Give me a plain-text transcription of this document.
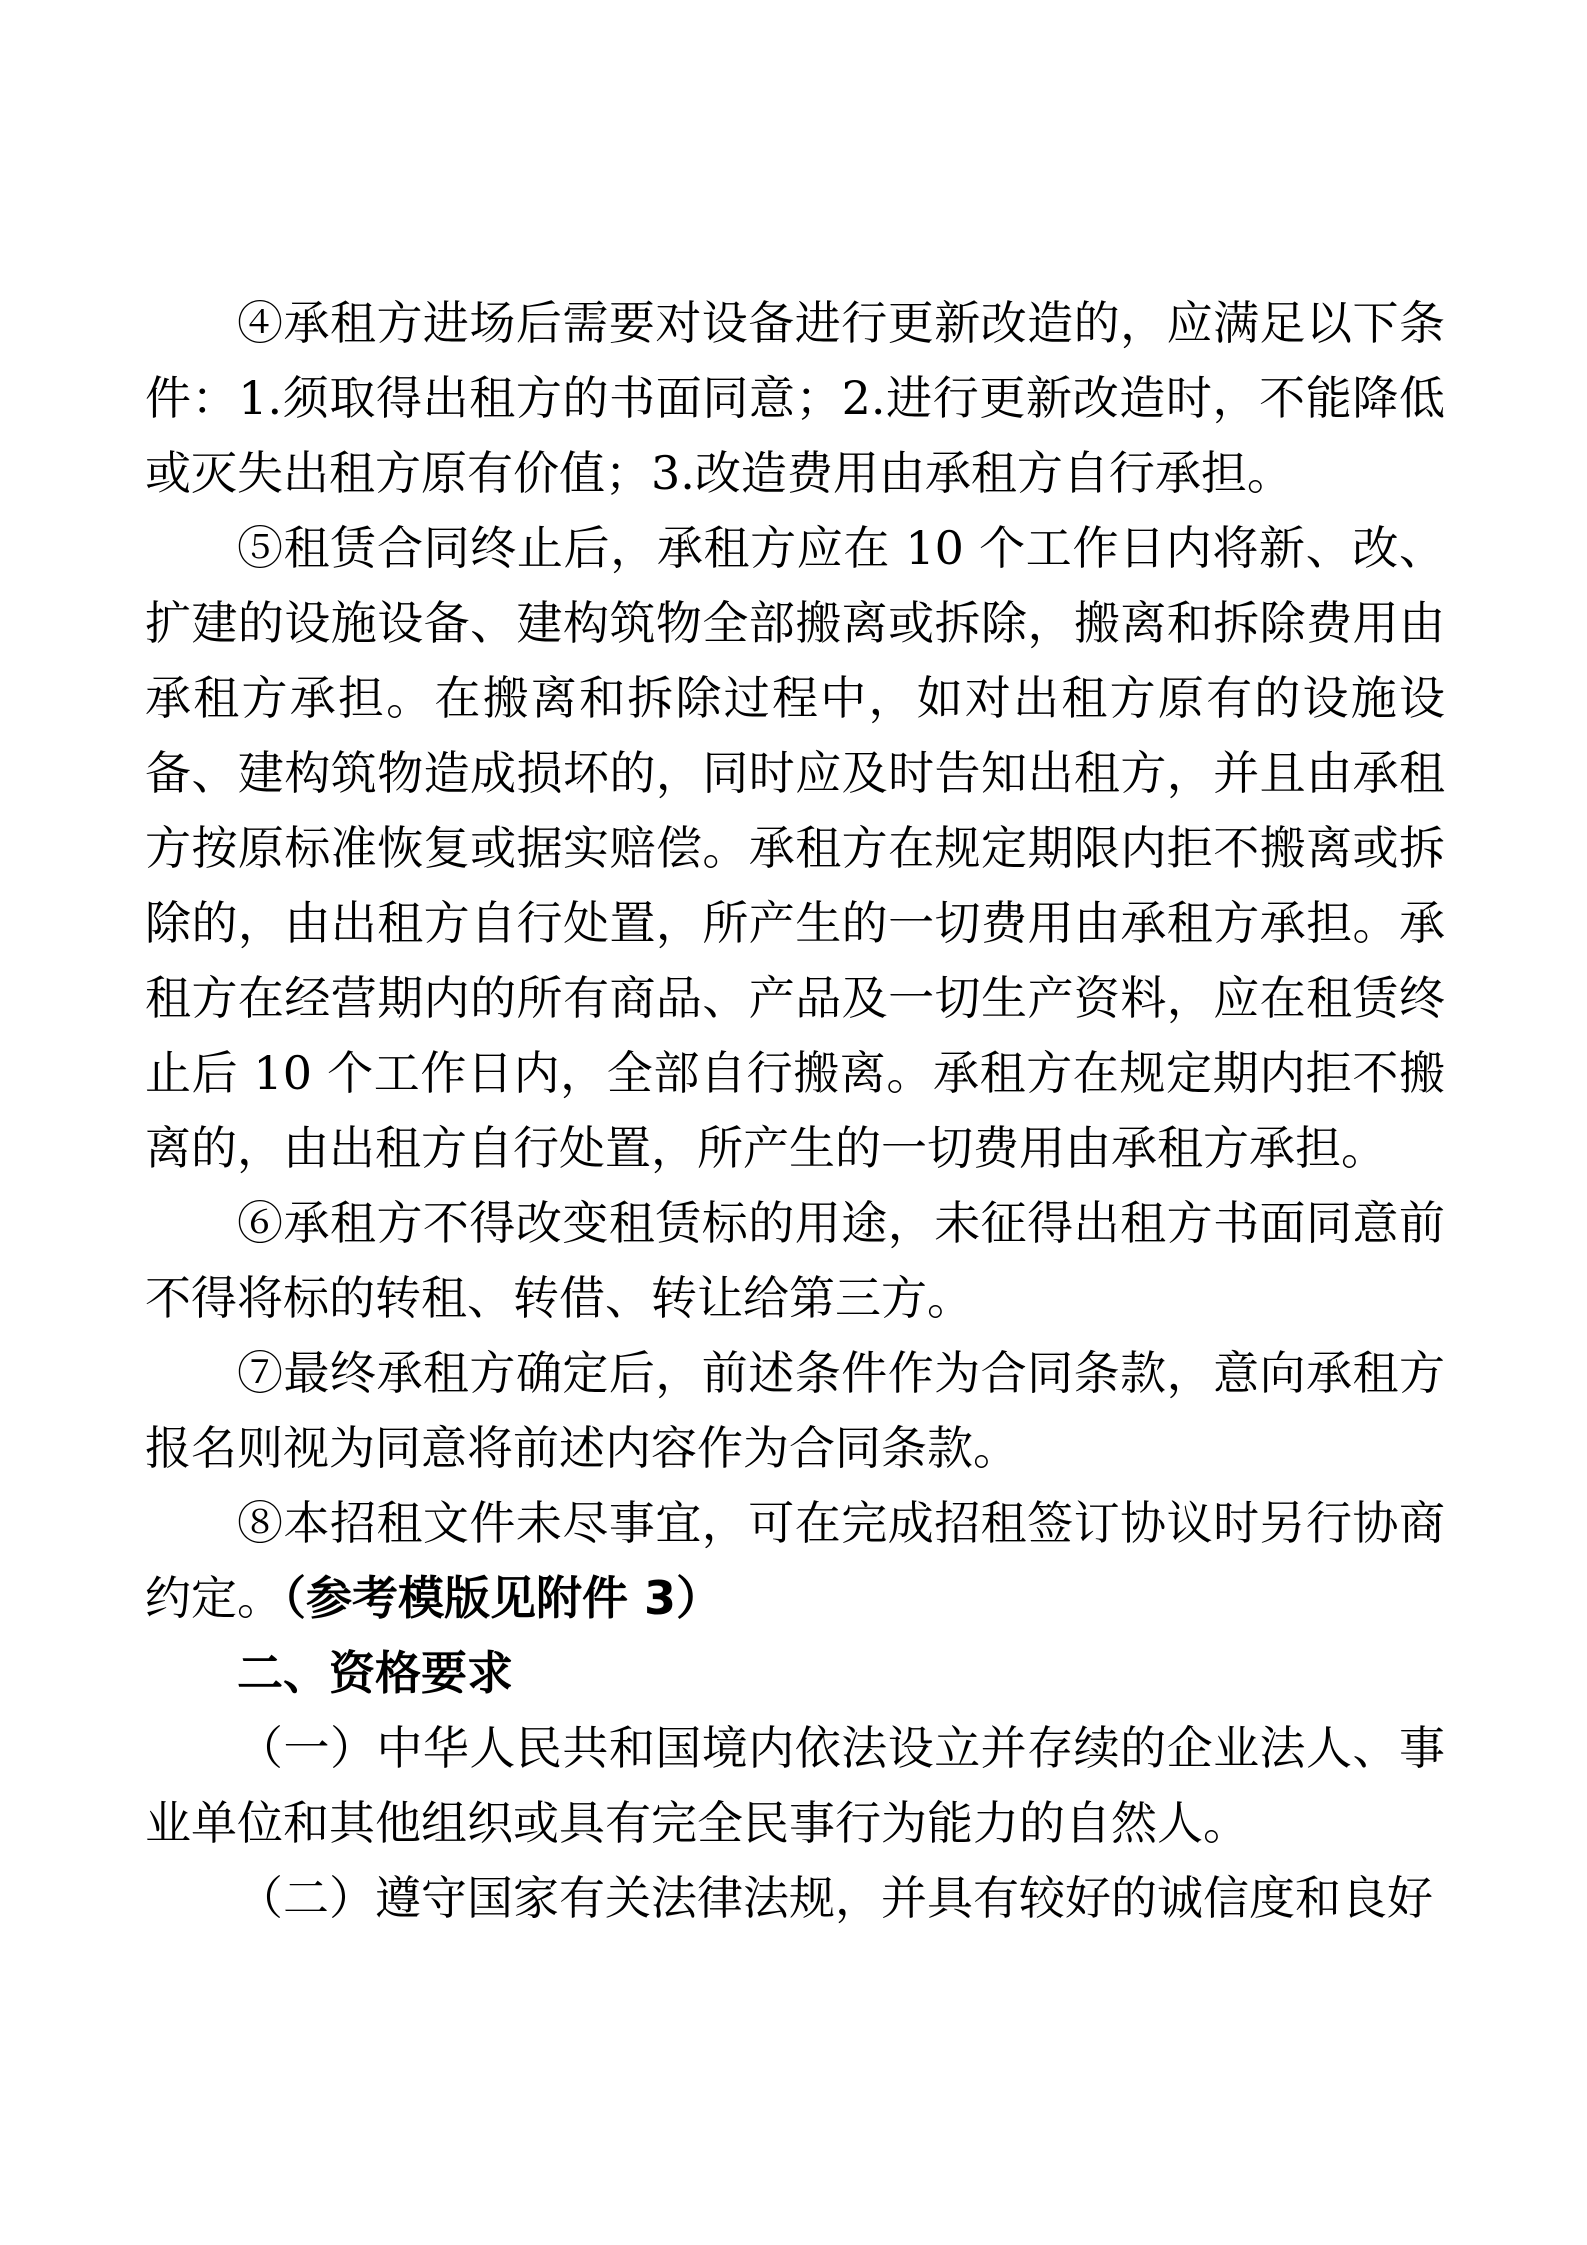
④承租方进场后需要对设备进行更新改造的，应满足以下条件：1.须取得出租方的书面同意；2.进行更新改造时，不能降低或灭失出租方原有价值；3.改造费用由承租方自行承担。

⑤租赁合同终止后，承租方应在 10 个工作日内将新、改、扩建的设施设备、建构筑物全部搬离或拆除，搬离和拆除费用由承租方承担。在搬离和拆除过程中，如对出租方原有的设施设备、建构筑物造成损坏的，同时应及时告知出租方，并且由承租方按原标准恢复或据实赔偿。承租方在规定期限内拒不搬离或拆除的，由出租方自行处置，所产生的一切费用由承租方承担。承租方在经营期内的所有商品、产品及一切生产资料，应在租赁终止后 10 个工作日内，全部自行搬离。承租方在规定期内拒不搬离的，由出租方自行处置，所产生的一切费用由承租方承担。

⑥承租方不得改变租赁标的用途，未征得出租方书面同意前不得将标的转租、转借、转让给第三方。

⑦最终承租方确定后，前述条件作为合同条款，意向承租方报名则视为同意将前述内容作为合同条款。

⑧本招租文件未尽事宜，可在完成招租签订协议时另行协商约定。（参考模版见附件 3）

二、资格要求

（一）中华人民共和国境内依法设立并存续的企业法人、事业单位和其他组织或具有完全民事行为能力的自然人。

（二）遵守国家有关法律法规，并具有较好的诚信度和良好
